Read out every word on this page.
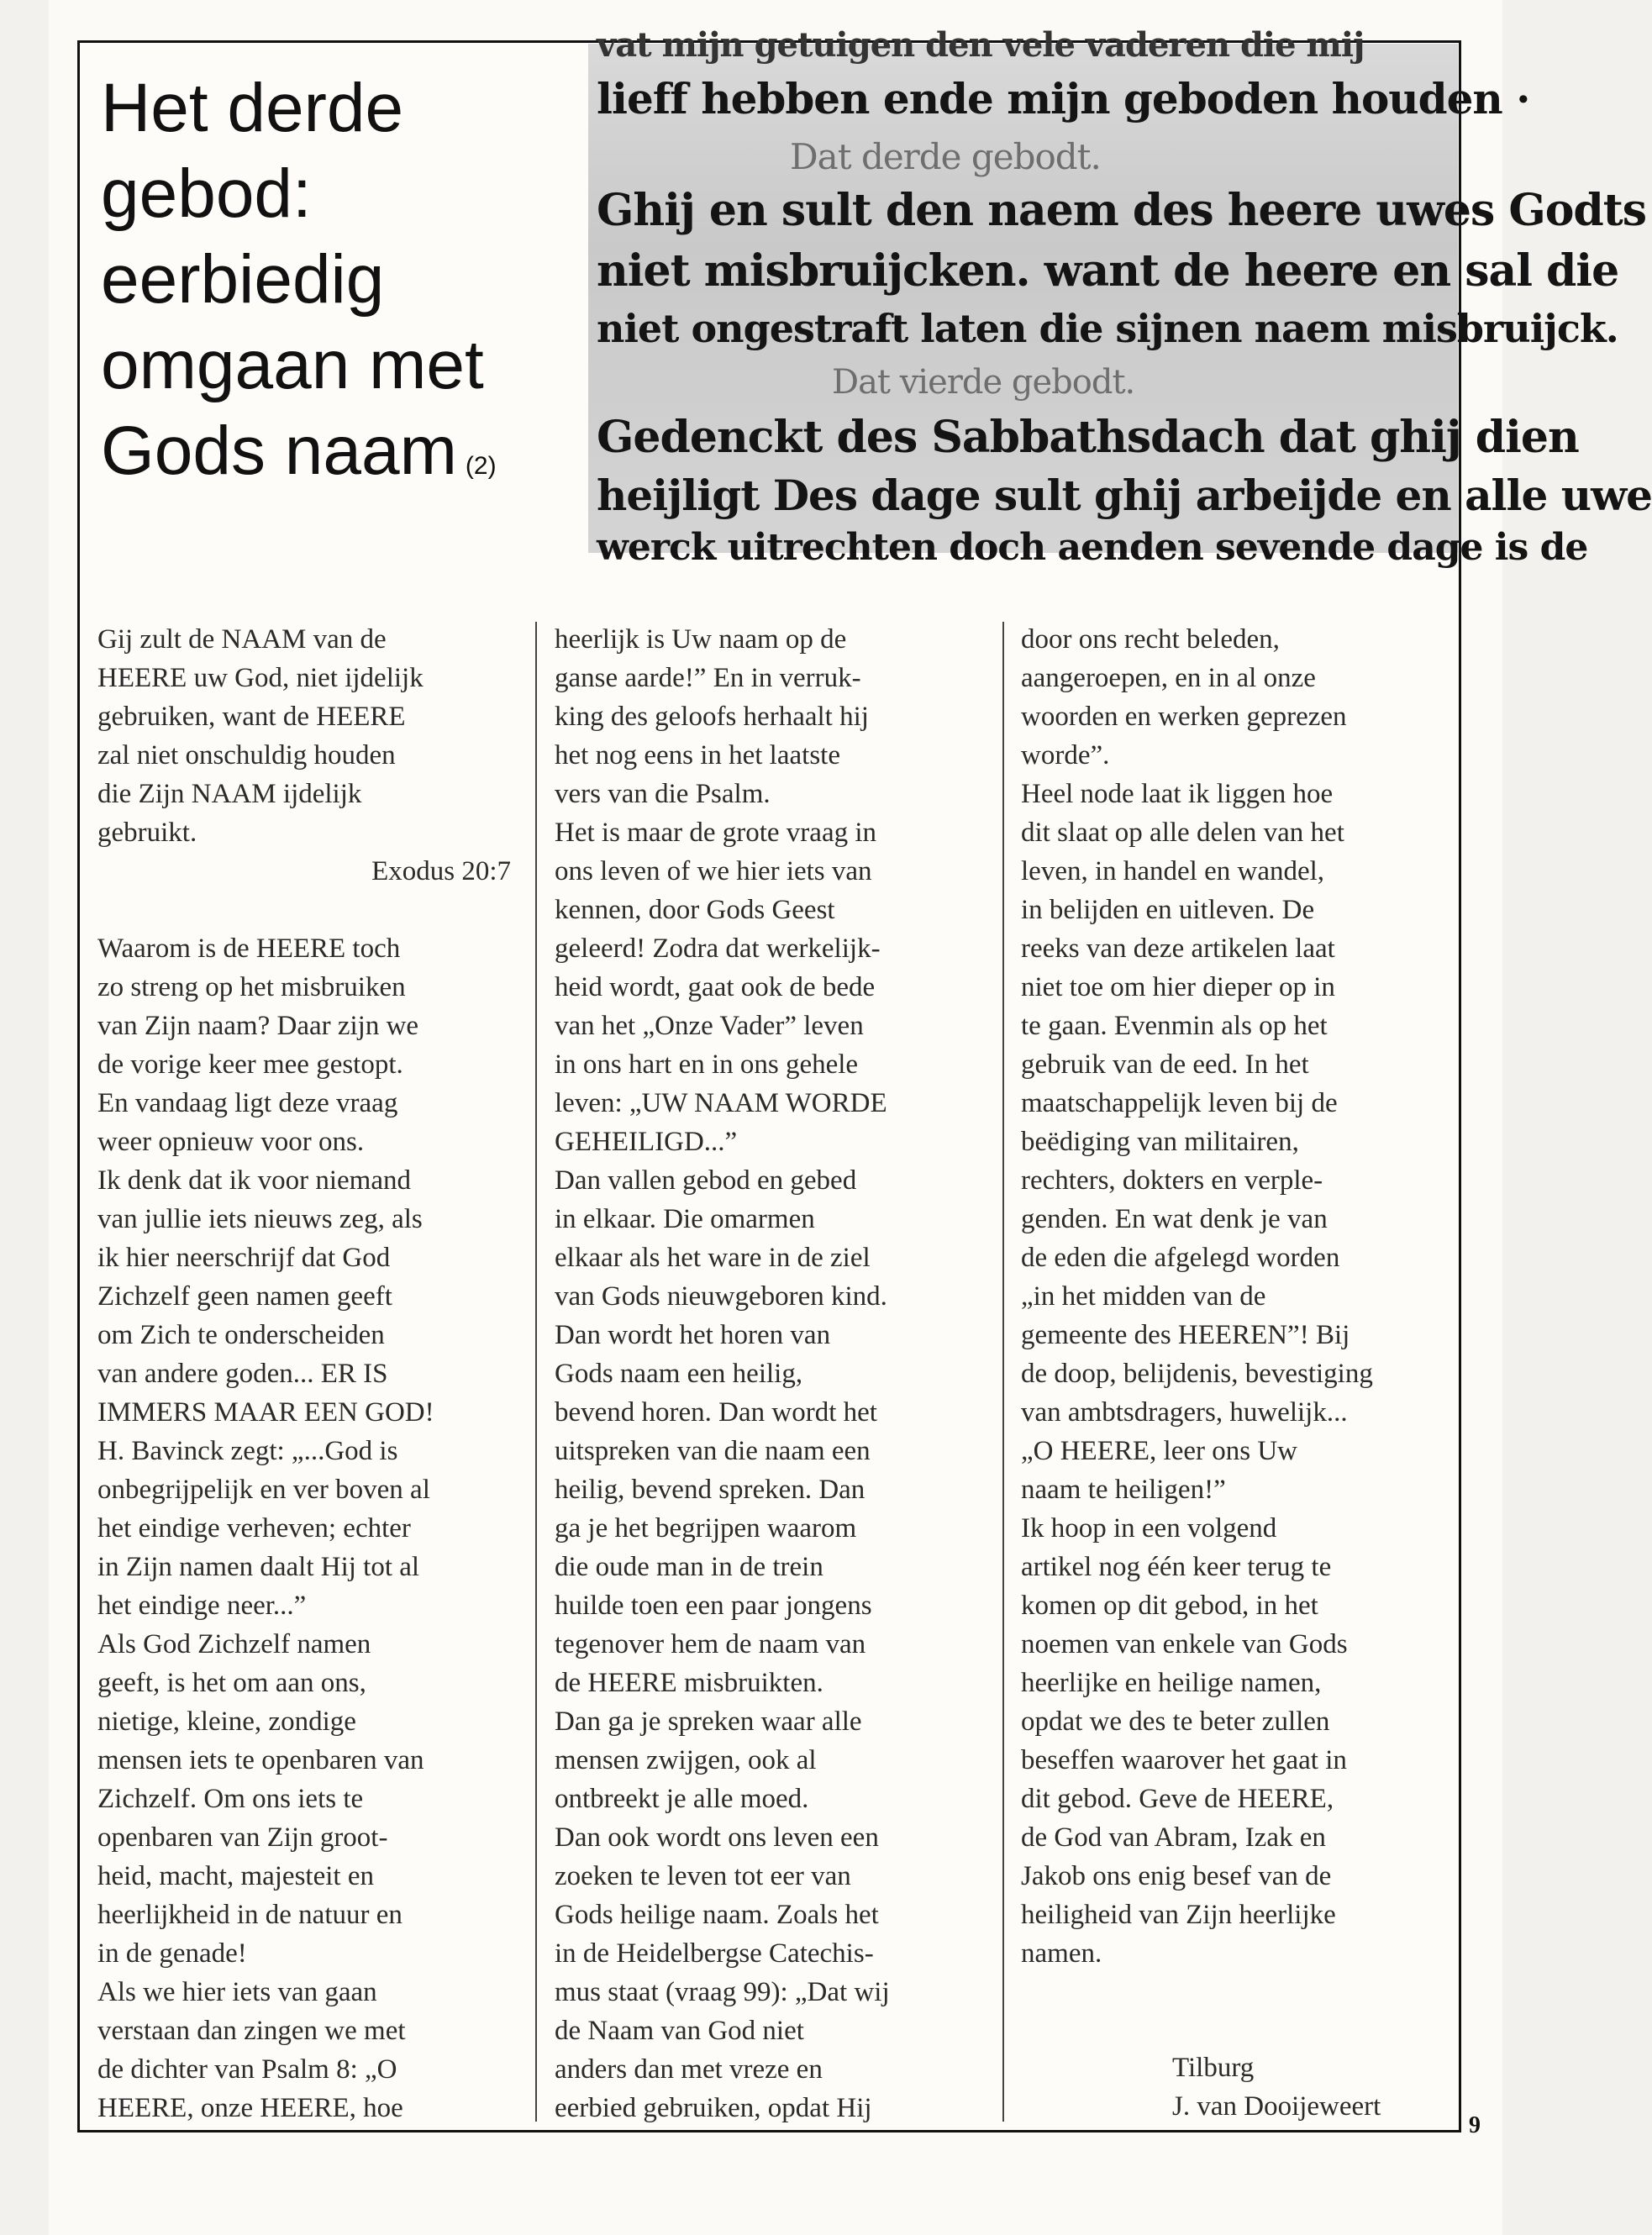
Het derde
gebod:
eerbiedig
omgaan met
Gods naam (2)
vat mijn getuigen den vele vaderen die mij
lieff hebben ende mijn geboden houden ·
Dat derde gebodt.
Ghij en sult den naem des heere uwes Godts
niet misbruijcken. want de heere en sal die
niet ongestraft laten die sijnen naem misbruijck.
Dat vierde gebodt.
Gedenckt des Sabbathsdach dat ghij dien
heijligt Des dage sult ghij arbeijde en alle uwe
werck uitrechten doch aenden sevende dage is de

Gij zult de NAAM van de

HEERE uw God, niet ijdelijk

gebruiken, want de HEERE

zal niet onschuldig houden

die Zijn NAAM ijdelijk

gebruikt.

Exodus 20:7

Waarom is de HEERE toch

zo streng op het misbruiken

van Zijn naam? Daar zijn we

de vorige keer mee gestopt.

En vandaag ligt deze vraag

weer opnieuw voor ons.

Ik denk dat ik voor niemand

van jullie iets nieuws zeg, als

ik hier neerschrijf dat God

Zichzelf geen namen geeft

om Zich te onderscheiden

van andere goden... ER IS

IMMERS MAAR EEN GOD!

H. Bavinck zegt: „...God is

onbegrijpelijk en ver boven al

het eindige verheven; echter

in Zijn namen daalt Hij tot al

het eindige neer...”

Als God Zichzelf namen

geeft, is het om aan ons,

nietige, kleine, zondige

mensen iets te openbaren van

Zichzelf. Om ons iets te

openbaren van Zijn groot-

heid, macht, majesteit en

heerlijkheid in de natuur en

in de genade!

Als we hier iets van gaan

verstaan dan zingen we met

de dichter van Psalm 8: „O

HEERE, onze HEERE, hoe

heerlijk is Uw naam op de

ganse aarde!” En in verruk-

king des geloofs herhaalt hij

het nog eens in het laatste

vers van die Psalm.

Het is maar de grote vraag in

ons leven of we hier iets van

kennen, door Gods Geest

geleerd! Zodra dat werkelijk-

heid wordt, gaat ook de bede

van het „Onze Vader” leven

in ons hart en in ons gehele

leven: „UW NAAM WORDE

GEHEILIGD...”

Dan vallen gebod en gebed

in elkaar. Die omarmen

elkaar als het ware in de ziel

van Gods nieuwgeboren kind.

Dan wordt het horen van

Gods naam een heilig,

bevend horen. Dan wordt het

uitspreken van die naam een

heilig, bevend spreken. Dan

ga je het begrijpen waarom

die oude man in de trein

huilde toen een paar jongens

tegenover hem de naam van

de HEERE misbruikten.

Dan ga je spreken waar alle

mensen zwijgen, ook al

ontbreekt je alle moed.

Dan ook wordt ons leven een

zoeken te leven tot eer van

Gods heilige naam. Zoals het

in de Heidelbergse Catechis-

mus staat (vraag 99): „Dat wij

de Naam van God niet

anders dan met vreze en

eerbied gebruiken, opdat Hij

door ons recht beleden,

aangeroepen, en in al onze

woorden en werken geprezen

worde”.

Heel node laat ik liggen hoe

dit slaat op alle delen van het

leven, in handel en wandel,

in belijden en uitleven. De

reeks van deze artikelen laat

niet toe om hier dieper op in

te gaan. Evenmin als op het

gebruik van de eed. In het

maatschappelijk leven bij de

beëdiging van militairen,

rechters, dokters en verple-

genden. En wat denk je van

de eden die afgelegd worden

„in het midden van de

gemeente des HEEREN”! Bij

de doop, belijdenis, bevestiging

van ambtsdragers, huwelijk...

„O HEERE, leer ons Uw

naam te heiligen!”

Ik hoop in een volgend

artikel nog één keer terug te

komen op dit gebod, in het

noemen van enkele van Gods

heerlijke en heilige namen,

opdat we des te beter zullen

beseffen waarover het gaat in

dit gebod. Geve de HEERE,

de God van Abram, Izak en

Jakob ons enig besef van de

heiligheid van Zijn heerlijke

namen.

Tilburg

J. van Dooijeweert

9
